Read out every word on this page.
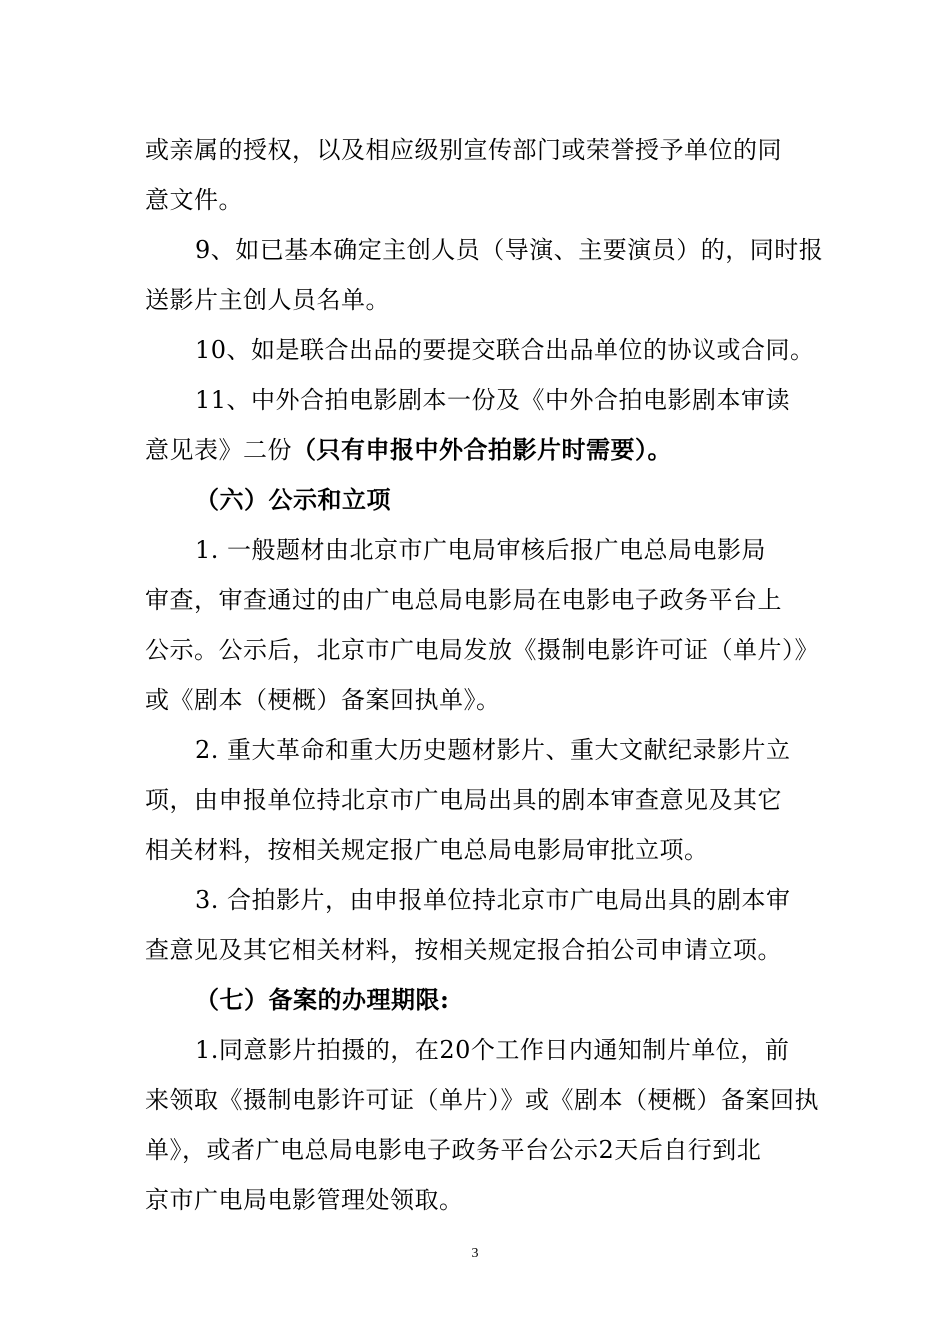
或亲属的授权，以及相应级别宣传部门或荣誉授予单位的同
意文件。
9、如已基本确定主创人员（导演、主要演员）的，同时报
送影片主创人员名单。
10、如是联合出品的要提交联合出品单位的协议或合同。
11、中外合拍电影剧本一份及《中外合拍电影剧本审读
意见表》二份（只有申报中外合拍影片时需要）。
（六）公示和立项
1. 一般题材由北京市广电局审核后报广电总局电影局
审查，审查通过的由广电总局电影局在电影电子政务平台上
公示。公示后，北京市广电局发放《摄制电影许可证（单片）》
或《剧本（梗概）备案回执单》。
2. 重大革命和重大历史题材影片、重大文献纪录影片立
项，由申报单位持北京市广电局出具的剧本审查意见及其它
相关材料，按相关规定报广电总局电影局审批立项。
3. 合拍影片，由申报单位持北京市广电局出具的剧本审
查意见及其它相关材料，按相关规定报合拍公司申请立项。
（七）备案的办理期限:
1.同意影片拍摄的，在20个工作日内通知制片单位，前
来领取《摄制电影许可证（单片）》或《剧本（梗概）备案回执
单》，或者广电总局电影电子政务平台公示2天后自行到北
京市广电局电影管理处领取。
3
